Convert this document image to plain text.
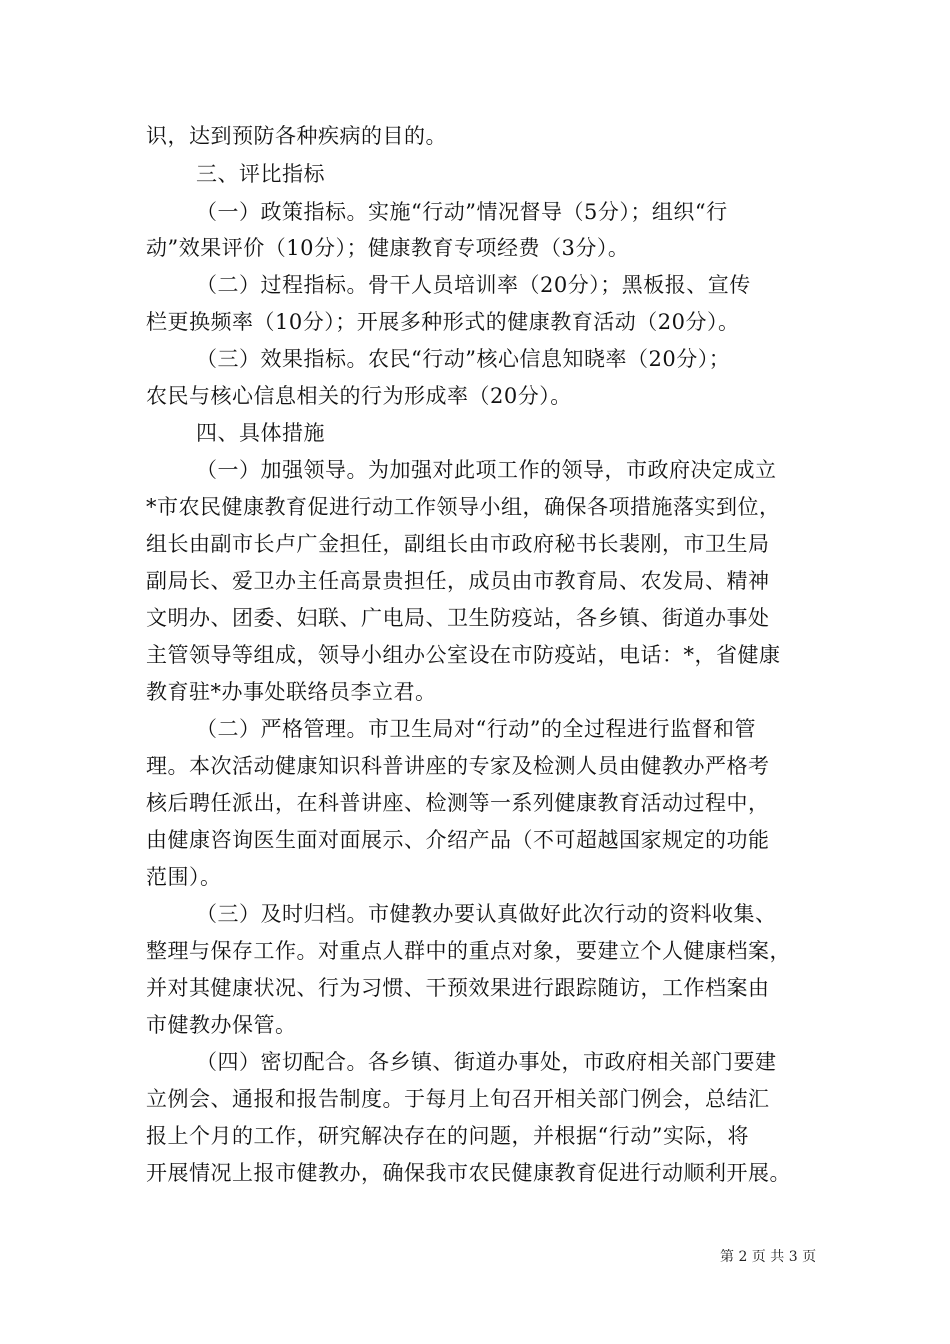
识，达到预防各种疾病的目的。
三、评比指标
（一）政策指标。实施“行动”情况督导（5分）；组织“行
动”效果评价（10分）；健康教育专项经费（3分）。
（二）过程指标。骨干人员培训率（20分）；黑板报、宣传
栏更换频率（10分）；开展多种形式的健康教育活动（20分）。
（三）效果指标。农民“行动”核心信息知晓率（20分）；
农民与核心信息相关的行为形成率（20分）。
四、具体措施
（一）加强领导。为加强对此项工作的领导，市政府决定成立
*市农民健康教育促进行动工作领导小组，确保各项措施落实到位，
组长由副市长卢广金担任，副组长由市政府秘书长裴刚，市卫生局
副局长、爱卫办主任高景贵担任，成员由市教育局、农发局、精神
文明办、团委、妇联、广电局、卫生防疫站，各乡镇、街道办事处
主管领导等组成，领导小组办公室设在市防疫站，电话：*，省健康
教育驻*办事处联络员李立君。
（二）严格管理。市卫生局对“行动”的全过程进行监督和管
理。本次活动健康知识科普讲座的专家及检测人员由健教办严格考
核后聘任派出，在科普讲座、检测等一系列健康教育活动过程中，
由健康咨询医生面对面展示、介绍产品（不可超越国家规定的功能
范围）。
（三）及时归档。市健教办要认真做好此次行动的资料收集、
整理与保存工作。对重点人群中的重点对象，要建立个人健康档案，
并对其健康状况、行为习惯、干预效果进行跟踪随访，工作档案由
市健教办保管。
（四）密切配合。各乡镇、街道办事处，市政府相关部门要建
立例会、通报和报告制度。于每月上旬召开相关部门例会，总结汇
报上个月的工作，研究解决存在的问题，并根据“行动”实际，将
开展情况上报市健教办，确保我市农民健康教育促进行动顺利开展。
第 2 页 共 3 页
